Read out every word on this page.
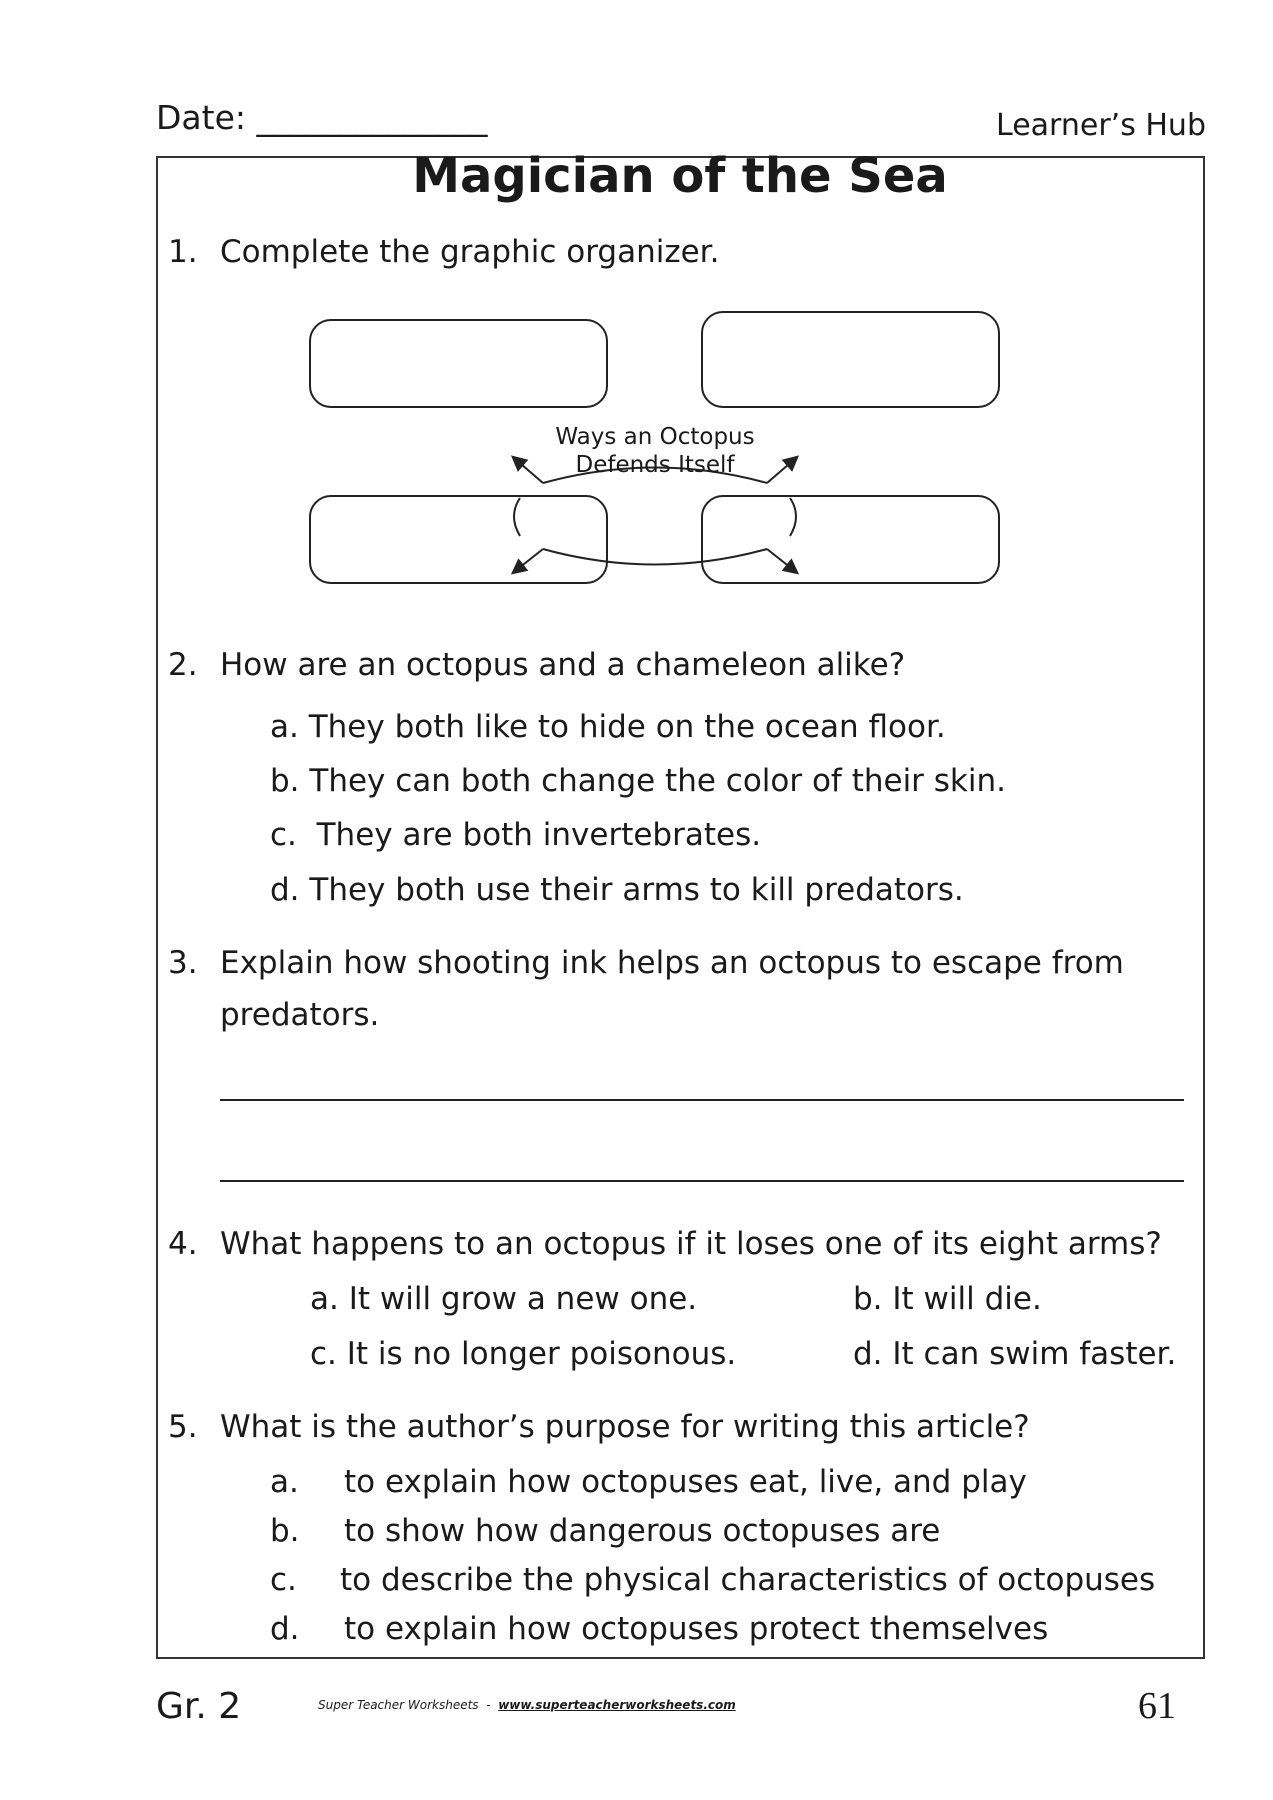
Date: ______________	Learner’s Hub
Magician of the Sea
1. Complete the graphic organizer.
Ways an Octopus
Defends Itself
2. How are an octopus and a chameleon alike?
a. They both like to hide on the ocean floor.
b. They can both change the color of their skin.
c. They are both invertebrates.
d. They both use their arms to kill predators.
3. Explain how shooting ink helps an octopus to escape from
predators.
4. What happens to an octopus if it loses one of its eight arms?
a. It will grow a new one.	b. It will die.
c. It is no longer poisonous.	d. It can swim faster.
5. What is the author’s purpose for writing this article?
a. to explain how octopuses eat, live, and play
b. to show how dangerous octopuses are
c. to describe the physical characteristics of octopuses
d. to explain how octopuses protect themselves
Gr. 2	Super Teacher Worksheets - www.superteacherworksheets.com	61
